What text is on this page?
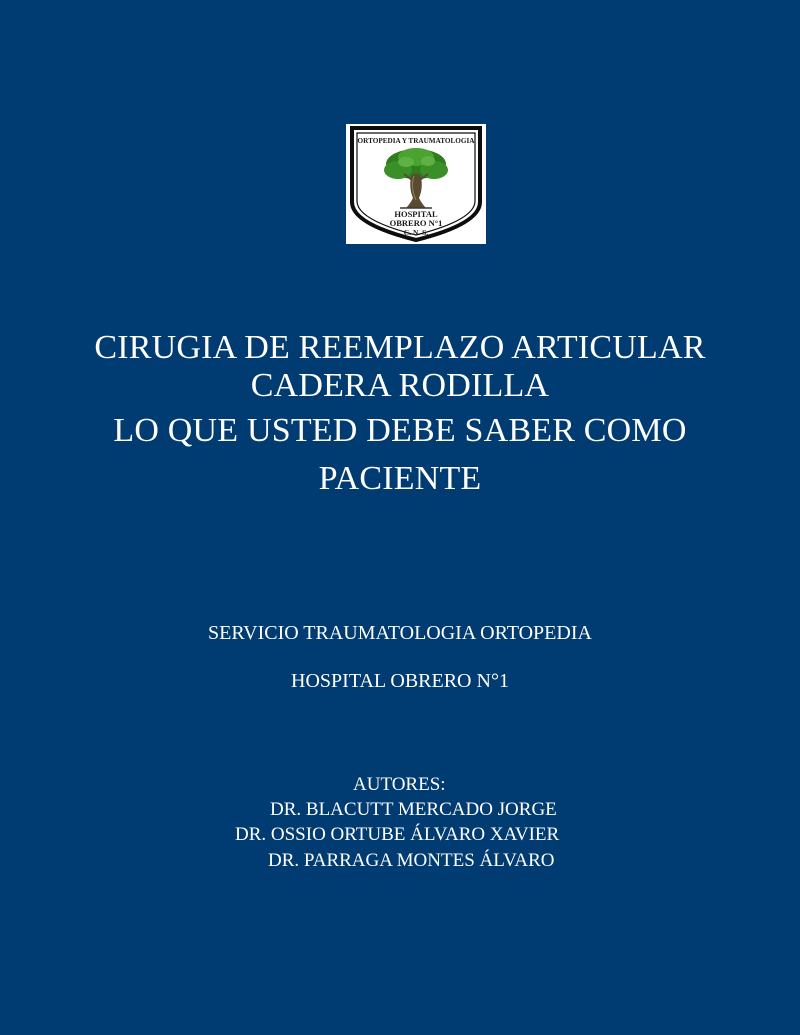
ORTOPEDIA Y TRAUMATOLOGIA
HOSPITAL
OBRERO N°1
C. N. S.
CIRUGIA DE REEMPLAZO ARTICULAR
CADERA RODILLA
LO QUE USTED DEBE SABER COMO
PACIENTE
SERVICIO TRAUMATOLOGIA ORTOPEDIA
HOSPITAL OBRERO N°1
AUTORES:
DR. BLACUTT MERCADO JORGE
DR. OSSIO ORTUBE ÁLVARO XAVIER
DR. PARRAGA MONTES ÁLVARO
